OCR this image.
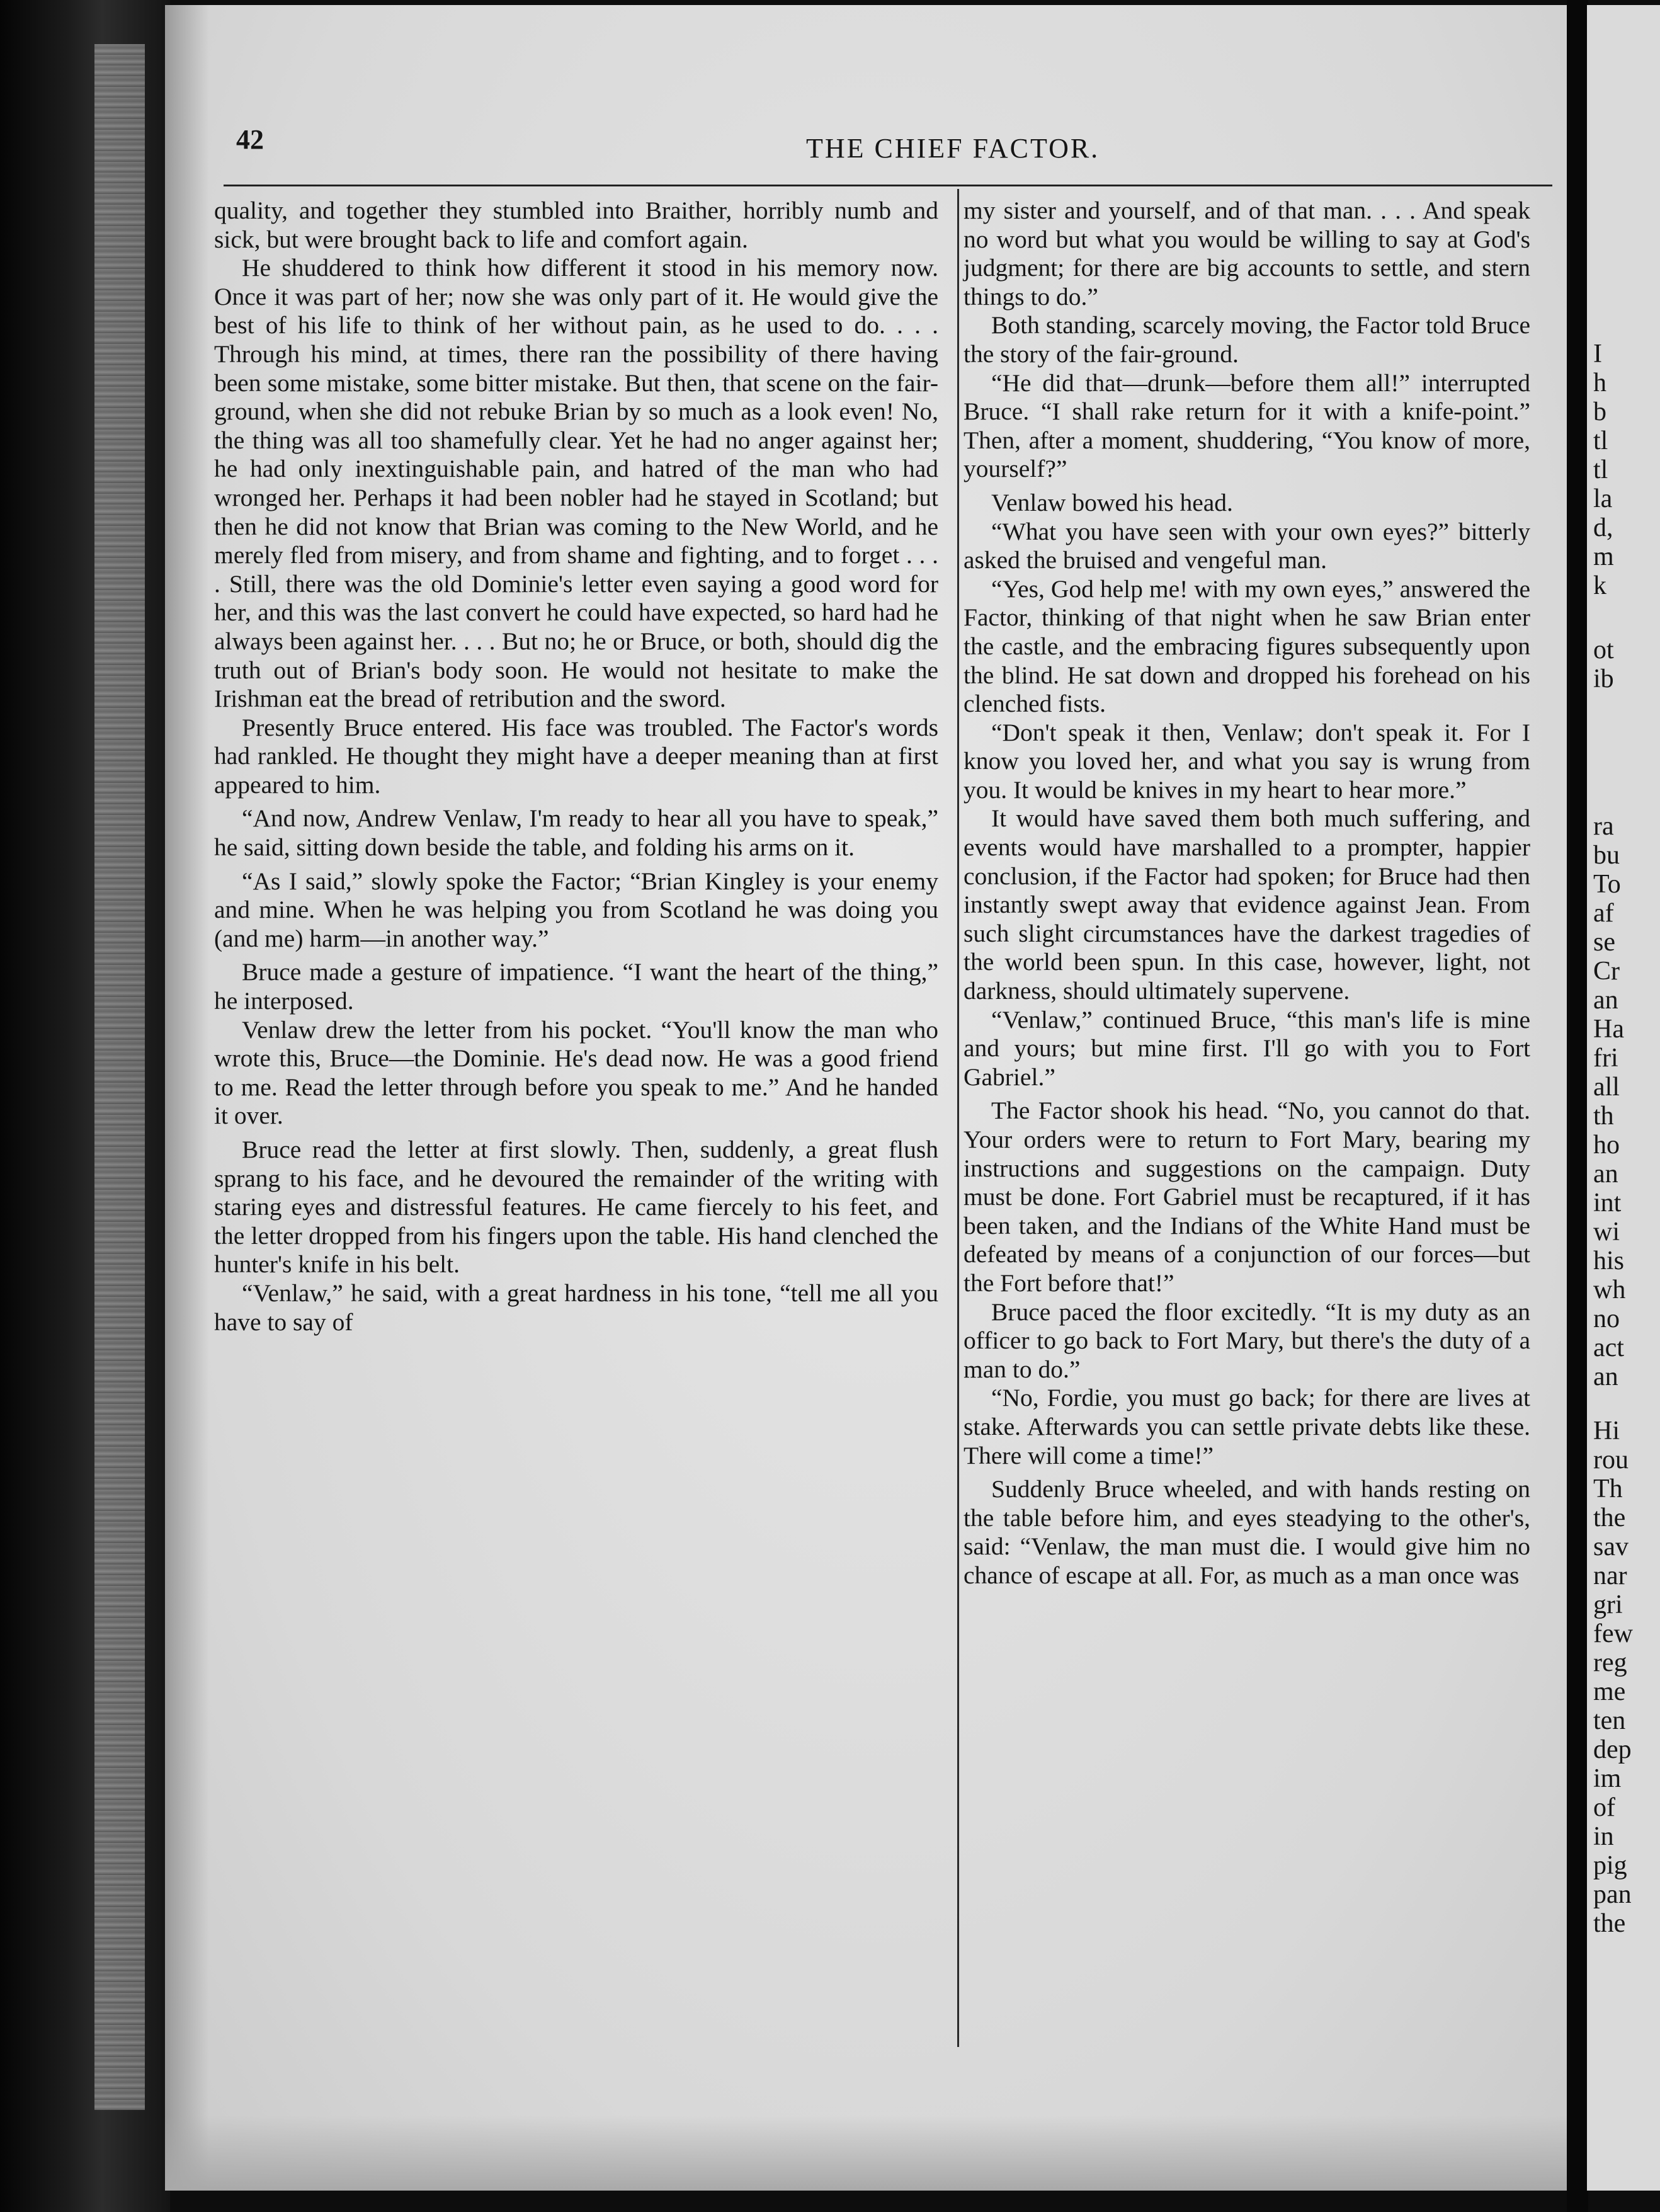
42	THE CHIEF FACTOR.

quality, and together they stumbled into Braither, horribly numb and sick, but were brought back to life and comfort again.

He shuddered to think how different it stood in his memory now. Once it was part of her; now she was only part of it. He would give the best of his life to think of her without pain, as he used to do. . . . Through his mind, at times, there ran the possibility of there having been some mistake, some bitter mistake. But then, that scene on the fair-ground, when she did not rebuke Brian by so much as a look even! No, the thing was all too shamefully clear. Yet he had no anger against her; he had only inextinguishable pain, and hatred of the man who had wronged her. Perhaps it had been nobler had he stayed in Scotland; but then he did not know that Brian was coming to the New World, and he merely fled from misery, and from shame and fighting, and to forget . . . . Still, there was the old Dominie's letter even saying a good word for her, and this was the last convert he could have expected, so hard had he always been against her. . . . But no; he or Bruce, or both, should dig the truth out of Brian's body soon. He would not hesitate to make the Irishman eat the bread of retribution and the sword.

Presently Bruce entered. His face was troubled. The Factor's words had rankled. He thought they might have a deeper meaning than at first appeared to him.

“And now, Andrew Venlaw, I'm ready to hear all you have to speak,” he said, sitting down beside the table, and folding his arms on it.

“As I said,” slowly spoke the Factor; “Brian Kingley is your enemy and mine. When he was helping you from Scotland he was doing you (and me) harm—in another way.”

Bruce made a gesture of impatience. “I want the heart of the thing,” he interposed.

Venlaw drew the letter from his pocket. “You'll know the man who wrote this, Bruce—the Dominie. He's dead now. He was a good friend to me. Read the letter through before you speak to me.” And he handed it over.

Bruce read the letter at first slowly. Then, suddenly, a great flush sprang to his face, and he devoured the remainder of the writing with staring eyes and distressful features. He came fiercely to his feet, and the letter dropped from his fingers upon the table. His hand clenched the hunter's knife in his belt.

“Venlaw,” he said, with a great hardness in his tone, “tell me all you have to say of

my sister and yourself, and of that man. . . . And speak no word but what you would be willing to say at God's judgment; for there are big accounts to settle, and stern things to do.”

Both standing, scarcely moving, the Factor told Bruce the story of the fair-ground.

“He did that—drunk—before them all!” interrupted Bruce. “I shall rake return for it with a knife-point.” Then, after a moment, shuddering, “You know of more, yourself?”

Venlaw bowed his head.

“What you have seen with your own eyes?” bitterly asked the bruised and vengeful man.

“Yes, God help me! with my own eyes,” answered the Factor, thinking of that night when he saw Brian enter the castle, and the embracing figures subsequently upon the blind. He sat down and dropped his forehead on his clenched fists.

“Don't speak it then, Venlaw; don't speak it. For I know you loved her, and what you say is wrung from you. It would be knives in my heart to hear more.”

It would have saved them both much suffering, and events would have marshalled to a prompter, happier conclusion, if the Factor had spoken; for Bruce had then instantly swept away that evidence against Jean. From such slight circumstances have the darkest tragedies of the world been spun. In this case, however, light, not darkness, should ultimately supervene.

“Venlaw,” continued Bruce, “this man's life is mine and yours; but mine first. I'll go with you to Fort Gabriel.”

The Factor shook his head. “No, you cannot do that. Your orders were to return to Fort Mary, bearing my instructions and suggestions on the campaign. Duty must be done. Fort Gabriel must be recaptured, if it has been taken, and the Indians of the White Hand must be defeated by means of a conjunction of our forces—but the Fort before that!”

Bruce paced the floor excitedly. “It is my duty as an officer to go back to Fort Mary, but there's the duty of a man to do.”

“No, Fordie, you must go back; for there are lives at stake. Afterwards you can settle private debts like these. There will come a time!”

Suddenly Bruce wheeled, and with hands resting on the table before him, and eyes steadying to the other's, said: “Venlaw, the man must die. I would give him no chance of escape at all. For, as much as a man once was

I
h
b
tl
tl
la
d,
m
k
ot
ib
ra
bu
To
af
se
Cr
an
Ha
fri
all
th
ho
an
int
wi
his
wh
no
act
an
Hi
rou
Th
the
sav
nar
gri
few
reg
me
ten
dep
im
of
in
pig
pan
the
